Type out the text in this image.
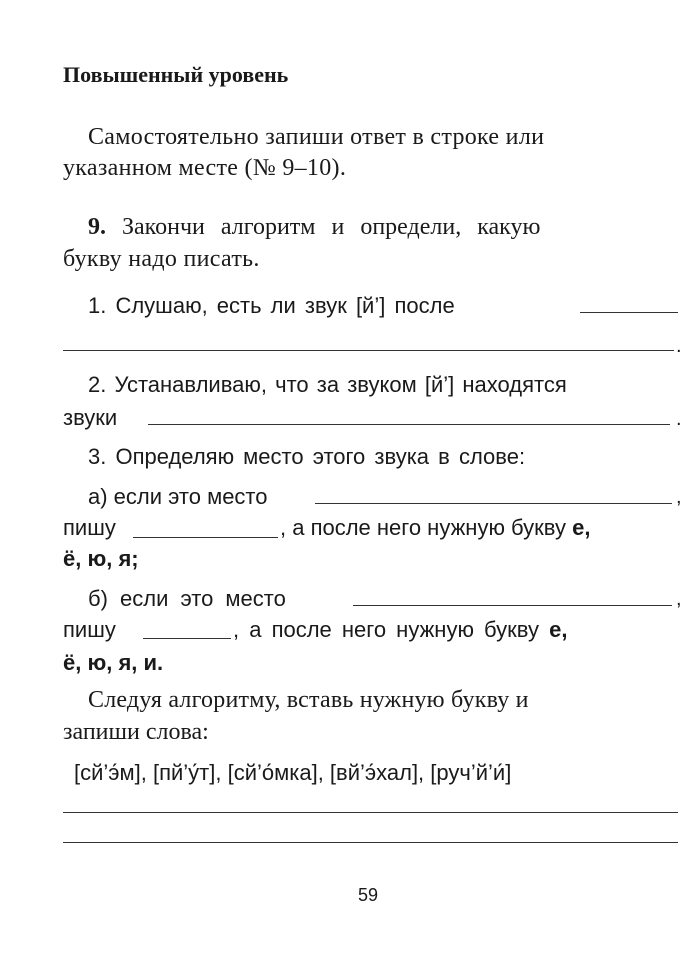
Повышенный уровень
Самостоятельно запиши ответ в строке или
указанном месте (№ 9–10).
9. Закончи алгоритм и определи, какую
букву надо писать.
1. Слушаю, есть ли звук [й’] после
.
2. Устанавливаю, что за звуком [й’] находятся
звуки	.
3. Определяю место этого звука в слове:
а) если это место	,
пишу	, а после него нужную букву е,
ё, ю, я;
б) если это место	,
пишу	, а после него нужную букву е,
ё, ю, я, и.
Следуя алгоритму, вставь нужную букву и
запиши слова:
[сй’э́м], [пй’у́т], [сй’о́мка], [вй’э́хал], [руч’й’и́]
59
